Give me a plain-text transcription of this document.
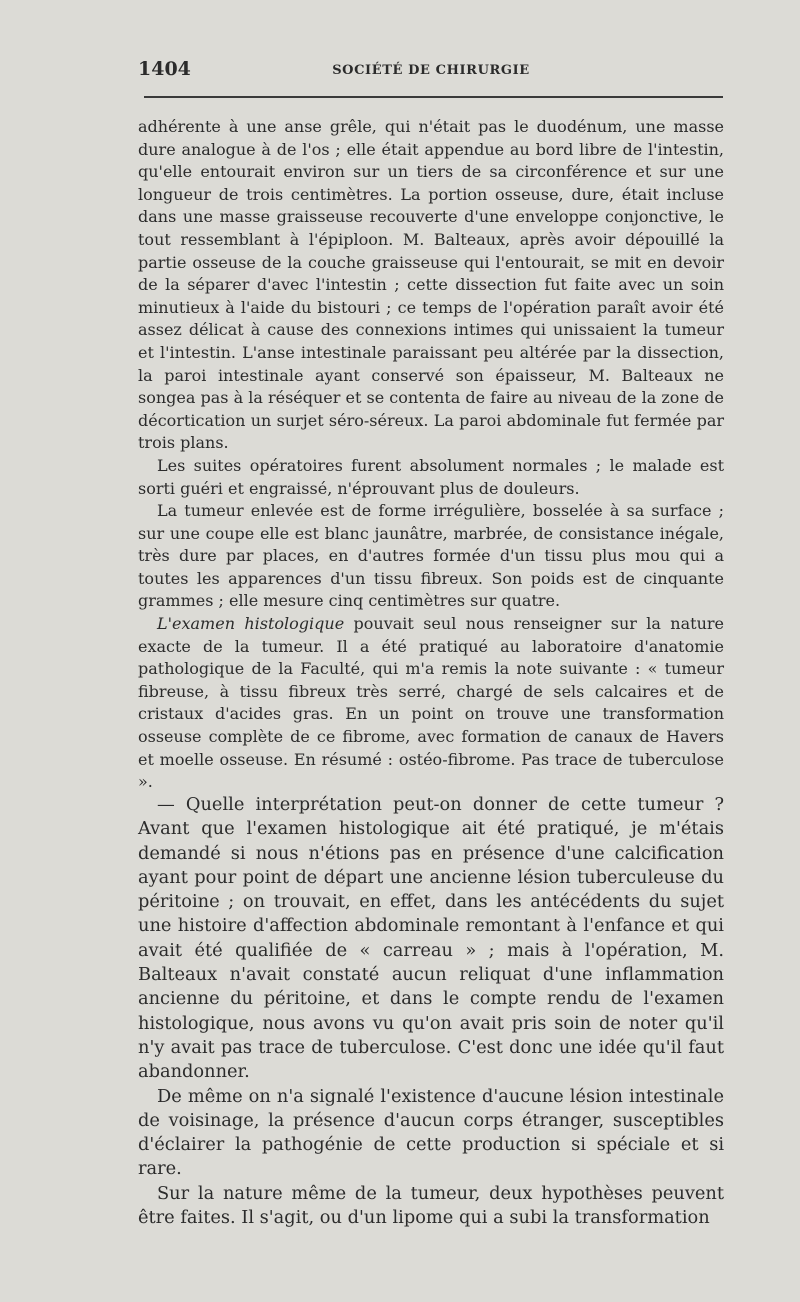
1404	SOCIÉTÉ DE CHIRURGIE

adhérente à une anse grêle, qui n'était pas le duodénum, une masse dure analogue à de l'os ; elle était appendue au bord libre de l'intestin, qu'elle entourait environ sur un tiers de sa circonférence et sur une longueur de trois centimètres. La portion osseuse, dure, était incluse dans une masse graisseuse recouverte d'une enveloppe conjonctive, le tout ressemblant à l'épiploon. M. Balteaux, après avoir dépouillé la partie osseuse de la couche graisseuse qui l'entourait, se mit en devoir de la séparer d'avec l'intestin ; cette dissection fut faite avec un soin minutieux à l'aide du bistouri ; ce temps de l'opération paraît avoir été assez délicat à cause des connexions intimes qui unissaient la tumeur et l'intestin. L'anse intestinale paraissant peu altérée par la dissection, la paroi intestinale ayant conservé son épaisseur, M. Balteaux ne songea pas à la réséquer et se contenta de faire au niveau de la zone de décortication un surjet séro-séreux. La paroi abdominale fut fermée par trois plans.

Les suites opératoires furent absolument normales ; le malade est sorti guéri et engraissé, n'éprouvant plus de douleurs.

La tumeur enlevée est de forme irrégulière, bosselée à sa surface ; sur une coupe elle est blanc jaunâtre, marbrée, de consistance inégale, très dure par places, en d'autres formée d'un tissu plus mou qui a toutes les apparences d'un tissu fibreux. Son poids est de cinquante grammes ; elle mesure cinq centimètres sur quatre.

L'examen histologique pouvait seul nous renseigner sur la nature exacte de la tumeur. Il a été pratiqué au laboratoire d'anatomie pathologique de la Faculté, qui m'a remis la note suivante : « tumeur fibreuse, à tissu fibreux très serré, chargé de sels calcaires et de cristaux d'acides gras. En un point on trouve une transformation osseuse complète de ce fibrome, avec formation de canaux de Havers et moelle osseuse. En résumé : ostéo-fibrome. Pas trace de tuberculose ».

— Quelle interprétation peut-on donner de cette tumeur ? Avant que l'examen histologique ait été pratiqué, je m'étais demandé si nous n'étions pas en présence d'une calcification ayant pour point de départ une ancienne lésion tuberculeuse du péritoine ; on trouvait, en effet, dans les antécédents du sujet une histoire d'affection abdominale remontant à l'enfance et qui avait été qualifiée de « carreau » ; mais à l'opération, M. Balteaux n'avait constaté aucun reliquat d'une inflammation ancienne du péritoine, et dans le compte rendu de l'examen histologique, nous avons vu qu'on avait pris soin de noter qu'il n'y avait pas trace de tuberculose. C'est donc une idée qu'il faut abandonner.

De même on n'a signalé l'existence d'aucune lésion intestinale de voisinage, la présence d'aucun corps étranger, susceptibles d'éclairer la pathogénie de cette production si spéciale et si rare.

Sur la nature même de la tumeur, deux hypothèses peuvent être faites. Il s'agit, ou d'un lipome qui a subi la transformation
